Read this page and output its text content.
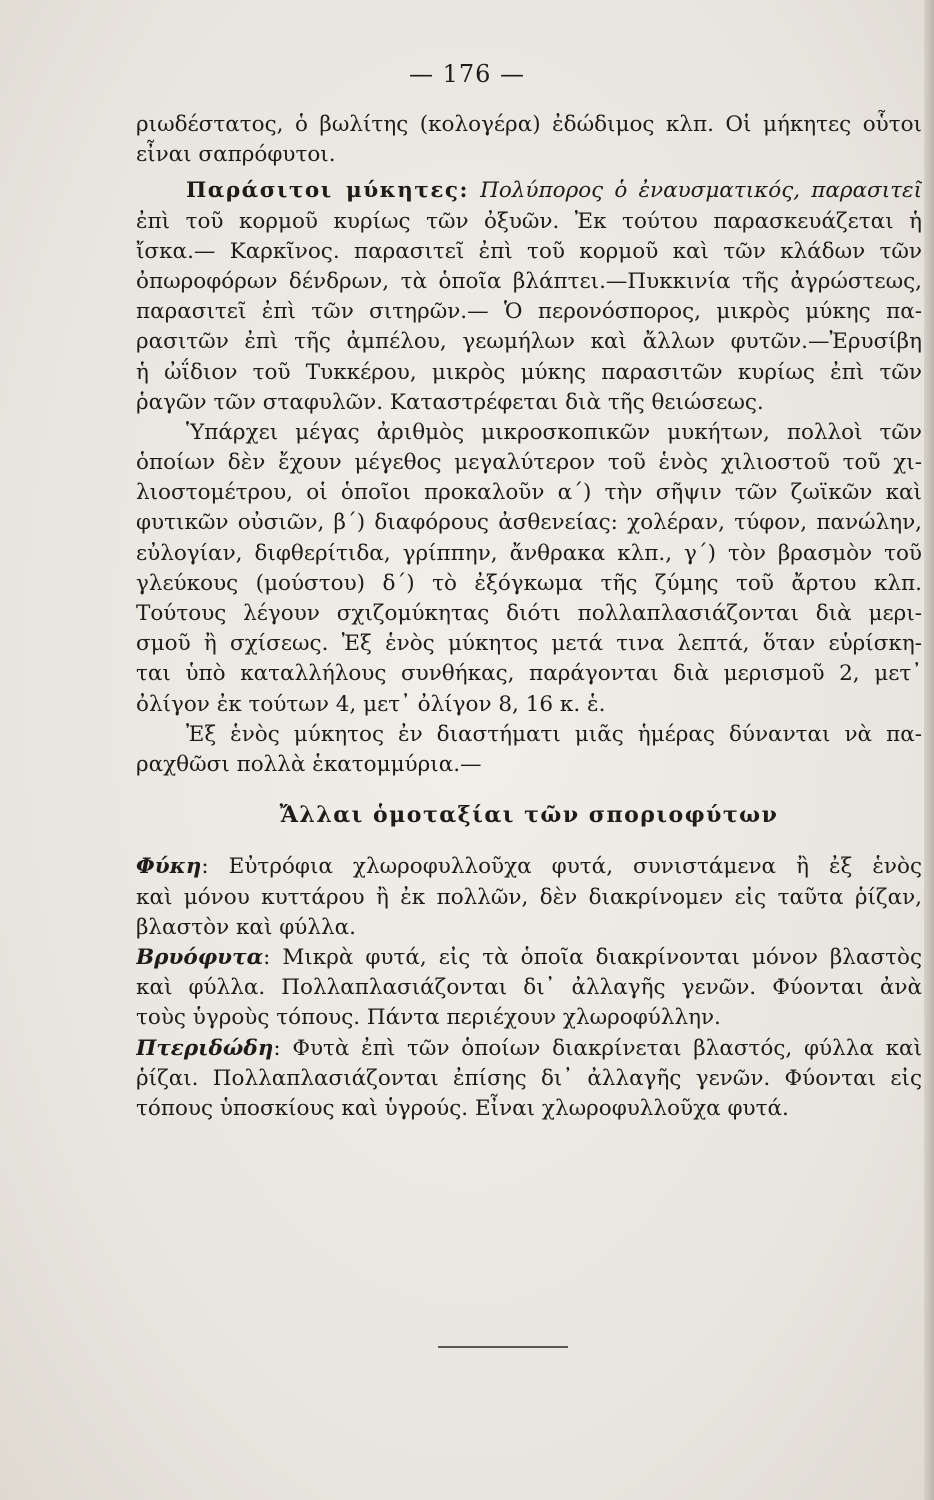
— 176 —
ριωδέστατος, ὁ βωλίτης (κολογέρα) ἐδώδιμος κλπ. Οἱ μήκητες οὗτοι
εἶναι σαπρόφυτοι.
Παράσιτοι μύκητες: Πολύπορος ὁ ἐναυσματικός, παρασιτεῖ
ἐπὶ τοῦ κορμοῦ κυρίως τῶν ὀξυῶν. Ἐκ τούτου παρασκευάζεται ἡ
ἴσκα.— Καρκῖνος. παρασιτεῖ ἐπὶ τοῦ κορμοῦ καὶ τῶν κλάδων τῶν
ὀπωροφόρων δένδρων, τὰ ὁποῖα βλάπτει.—Πυκκινία τῆς ἀγρώστεως,
παρασιτεῖ ἐπὶ τῶν σιτηρῶν.— Ὁ περονόσπορος, μικρὸς μύκης πα-
ρασιτῶν ἐπὶ τῆς ἀμπέλου, γεωμήλων καὶ ἄλλων φυτῶν.—Ἐρυσίβη
ἡ ὠΐδιον τοῦ Τυκκέρου, μικρὸς μύκης παρασιτῶν κυρίως ἐπὶ τῶν
ῥαγῶν τῶν σταφυλῶν. Καταστρέφεται διὰ τῆς θειώσεως.
Ὑπάρχει μέγας ἀριθμὸς μικροσκοπικῶν μυκήτων, πολλοὶ τῶν
ὁποίων δὲν ἔχουν μέγεθος μεγαλύτερον τοῦ ἑνὸς χιλιοστοῦ τοῦ χι-
λιοστομέτρου, οἱ ὁποῖοι προκαλοῦν α΄) τὴν σῆψιν τῶν ζωϊκῶν καὶ
φυτικῶν οὐσιῶν, β΄) διαφόρους ἀσθενείας: χολέραν, τύφον, πανώλην,
εὐλογίαν, διφθερίτιδα, γρίππην, ἄνθρακα κλπ., γ΄) τὸν βρασμὸν τοῦ
γλεύκους (μούστου) δ΄) τὸ ἐξόγκωμα τῆς ζύμης τοῦ ἄρτου κλπ.
Τούτους λέγουν σχιζομύκητας διότι πολλαπλασιάζονται διὰ μερι-
σμοῦ ἢ σχίσεως. Ἐξ ἑνὸς μύκητος μετά τινα λεπτά, ὅταν εὑρίσκη-
ται ὑπὸ καταλλήλους συνθήκας, παράγονται διὰ μερισμοῦ 2, μετ᾽
ὀλίγον ἐκ τούτων 4, μετ᾽ ὀλίγον 8, 16 κ. ἑ.
Ἐξ ἑνὸς μύκητος ἐν διαστήματι μιᾶς ἡμέρας δύνανται νὰ πα-
ραχθῶσι πολλὰ ἑκατομμύρια.—
Ἄλλαι ὁμοταξίαι τῶν σποριοφύτων
Φύκη: Εὐτρόφια χλωροφυλλοῦχα φυτά, συνιστάμενα ἢ ἐξ ἑνὸς
καὶ μόνου κυττάρου ἢ ἐκ πολλῶν, δὲν διακρίνομεν εἰς ταῦτα ῥίζαν,
βλαστὸν καὶ φύλλα.
Βρυόφυτα: Μικρὰ φυτά, εἰς τὰ ὁποῖα διακρίνονται μόνον βλαστὸς
καὶ φύλλα. Πολλαπλασιάζονται δι᾽ ἀλλαγῆς γενῶν. Φύονται ἀνὰ
τοὺς ὑγροὺς τόπους. Πάντα περιέχουν χλωροφύλλην.
Πτεριδώδη: Φυτὰ ἐπὶ τῶν ὁποίων διακρίνεται βλαστός, φύλλα καὶ
ῥίζαι. Πολλαπλασιάζονται ἐπίσης δι᾽ ἀλλαγῆς γενῶν. Φύονται εἰς
τόπους ὑποσκίους καὶ ὑγρούς. Εἶναι χλωροφυλλοῦχα φυτά.
